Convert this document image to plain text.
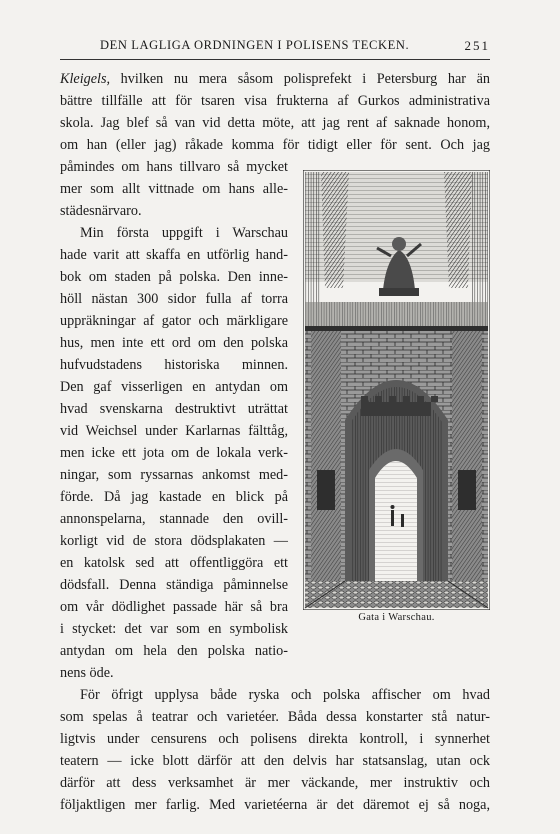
DEN LAGLIGA ORDNINGEN I POLISENS TECKEN.	251
Kleigels, hvilken nu mera såsom polisprefekt i Petersburg har än
bättre tillfälle att för tsaren visa frukterna af Gurkos administrativa
skola. Jag blef så van vid detta möte, att jag rent af saknade honom,
om han (eller jag) råkade komma för tidigt eller för sent. Och jag
påmindes om hans tillvaro så mycket
mer som allt vittnade om hans alle-
städesnärvaro.
Min första uppgift i Warschau
hade varit att skaffa en utförlig hand-
bok om staden på polska. Den inne-
höll nästan 300 sidor fulla af torra
uppräkningar af gator och märkligare
hus, men inte ett ord om den polska
hufvudstadens historiska minnen.
Den gaf visserligen en antydan om
hvad svenskarna destruktivt uträttat
vid Weichsel under Karlarnas fälttåg,
men icke ett jota om de lokala verk-
ningar, som ryssarnas ankomst med-
förde. Då jag kastade en blick på
annonspelarna, stannade den ovill-
korligt vid de stora dödsplakaten —
en katolsk sed att offentliggöra ett
dödsfall. Denna ständiga påminnelse
om vår dödlighet passade här så bra
i stycket: det var som en symbolisk
antydan om hela den polska natio-
nens öde.
För öfrigt upplysa både ryska och polska affischer om hvad
som spelas å teatrar och varietéer. Båda dessa konstarter stå natur-
ligtvis under censurens och polisens direkta kontroll, i synnerhet
teatern — icke blott därför att den delvis har statsanslag, utan ock
därför att dess verksamhet är mer väckande, mer instruktiv och
följaktligen mer farlig. Med varietéerna är det däremot ej så noga,
Gata i Warschau.
